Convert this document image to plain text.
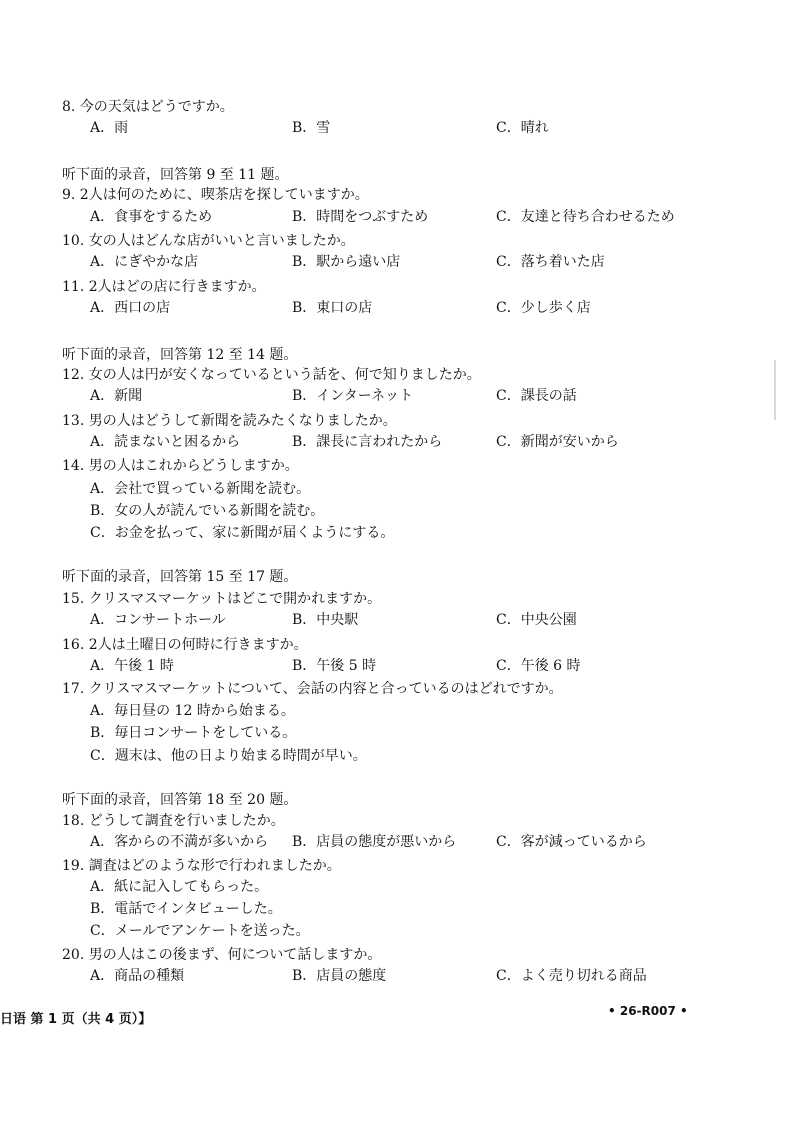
8. 今の天気はどうですか。
A．雨	B．雪	C．晴れ
听下面的录音，回答第 9 至 11 题。
9. 2人は何のために、喫茶店を探していますか。
A．食事をするため	B．時間をつぶすため	C．友達と待ち合わせるため
10. 女の人はどんな店がいいと言いましたか。
A．にぎやかな店	B．駅から遠い店	C．落ち着いた店
11. 2人はどの店に行きますか。
A．西口の店	B．東口の店	C．少し歩く店
听下面的录音，回答第 12 至 14 题。
12. 女の人は円が安くなっているという話を、何で知りましたか。
A．新聞	B．インターネット	C．課長の話
13. 男の人はどうして新聞を読みたくなりましたか。
A．読まないと困るから	B．課長に言われたから	C．新聞が安いから
14. 男の人はこれからどうしますか。
A．会社で買っている新聞を読む。
B．女の人が読んでいる新聞を読む。
C．お金を払って、家に新聞が届くようにする。
听下面的录音，回答第 15 至 17 题。
15. クリスマスマーケットはどこで開かれますか。
A．コンサートホール	B．中央駅	C．中央公園
16. 2人は土曜日の何時に行きますか。
A．午後 1 時	B．午後 5 時	C．午後 6 時
17. クリスマスマーケットについて、会話の内容と合っているのはどれですか。
A．毎日昼の 12 時から始まる。
B．毎日コンサートをしている。
C．週末は、他の日より始まる時間が早い。
听下面的录音，回答第 18 至 20 题。
18. どうして調査を行いましたか。
A．客からの不満が多いから B．店員の態度が悪いから	C．客が減っているから
19. 調査はどのような形で行われましたか。
A．紙に記入してもらった。
B．電話でインタビューした。
C．メールでアンケートを送った。
20. 男の人はこの後まず、何について話しますか。
A．商品の種類	B．店員の態度	C．よく売り切れる商品
日语 第 1 页（共 4 页）】
• 26-R007 •
